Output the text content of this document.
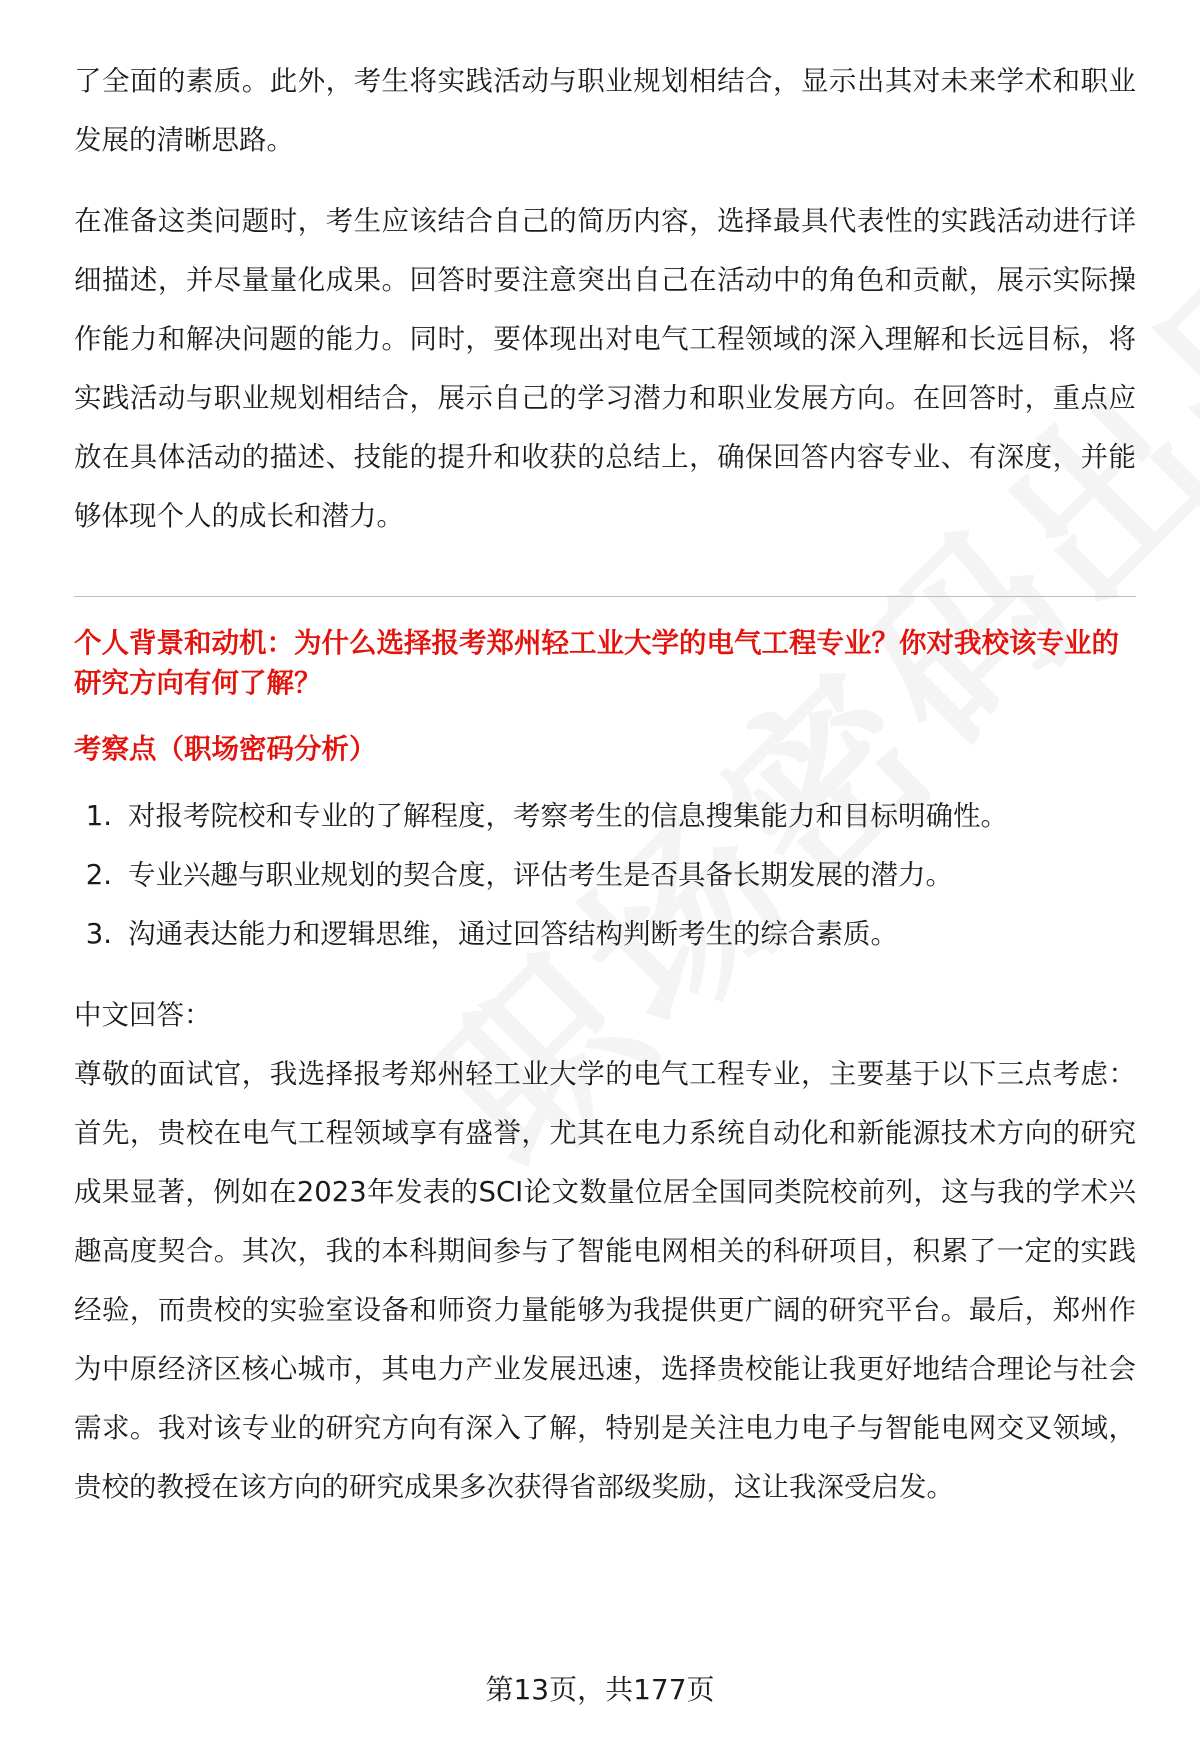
了全面的素质。此外，考生将实践活动与职业规划相结合，显示出其对未来学术和职业发展的清晰思路。

在准备这类问题时，考生应该结合自己的简历内容，选择最具代表性的实践活动进行详细描述，并尽量量化成果。回答时要注意突出自己在活动中的角色和贡献，展示实际操作能力和解决问题的能力。同时，要体现出对电气工程领域的深入理解和长远目标，将实践活动与职业规划相结合，展示自己的学习潜力和职业发展方向。在回答时，重点应放在具体活动的描述、技能的提升和收获的总结上，确保回答内容专业、有深度，并能够体现个人的成长和潜力。

个人背景和动机：为什么选择报考郑州轻工业大学的电气工程专业？你对我校该专业的研究方向有何了解？

考察点（职场密码分析）

1. 对报考院校和专业的了解程度，考察考生的信息搜集能力和目标明确性。
2. 专业兴趣与职业规划的契合度，评估考生是否具备长期发展的潜力。
3. 沟通表达能力和逻辑思维，通过回答结构判断考生的综合素质。

中文回答：

尊敬的面试官，我选择报考郑州轻工业大学的电气工程专业，主要基于以下三点考虑：首先，贵校在电气工程领域享有盛誉，尤其在电力系统自动化和新能源技术方向的研究成果显著，例如在2023年发表的SCI论文数量位居全国同类院校前列，这与我的学术兴趣高度契合。其次，我的本科期间参与了智能电网相关的科研项目，积累了一定的实践经验，而贵校的实验室设备和师资力量能够为我提供更广阔的研究平台。最后，郑州作为中原经济区核心城市，其电力产业发展迅速，选择贵校能让我更好地结合理论与社会需求。我对该专业的研究方向有深入了解，特别是关注电力电子与智能电网交叉领域，贵校的教授在该方向的研究成果多次获得省部级奖励，这让我深受启发。

第13页，共177页
